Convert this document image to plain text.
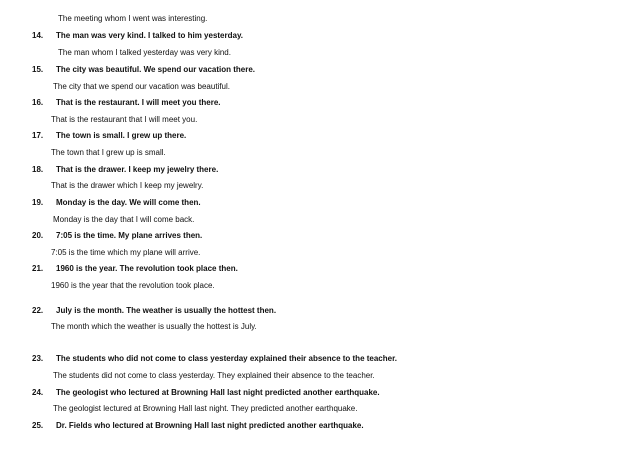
The meeting whom I went was interesting.
14. The man was very kind. I talked to him yesterday.
The man whom I talked yesterday was very kind.
15. The city was beautiful. We spend our vacation there.
The city that we spend our vacation was beautiful.
16. That is the restaurant. I will meet you there.
That is the restaurant that I will meet you.
17. The town is small. I grew up there.
The town that I grew up is small.
18. That is the drawer. I keep my jewelry there.
That is the drawer which I keep my jewelry.
19. Monday is the day. We will come then.
Monday is the day that I will come back.
20. 7:05 is the time. My plane arrives then.
7:05 is the time which my plane will arrive.
21. 1960 is the year. The revolution took place then.
1960 is the year that the revolution took place.
22. July is the month. The weather is usually the hottest then.
The month which the weather is usually the hottest is July.
23. The students who did not come to class yesterday explained their absence to the teacher.
The students did not come to class yesterday. They explained their absence to the teacher.
24. The geologist who lectured at Browning Hall last night predicted another earthquake.
The geologist lectured at Browning Hall last night. They predicted another earthquake.
25. Dr. Fields who lectured at Browning Hall last night predicted another earthquake.
